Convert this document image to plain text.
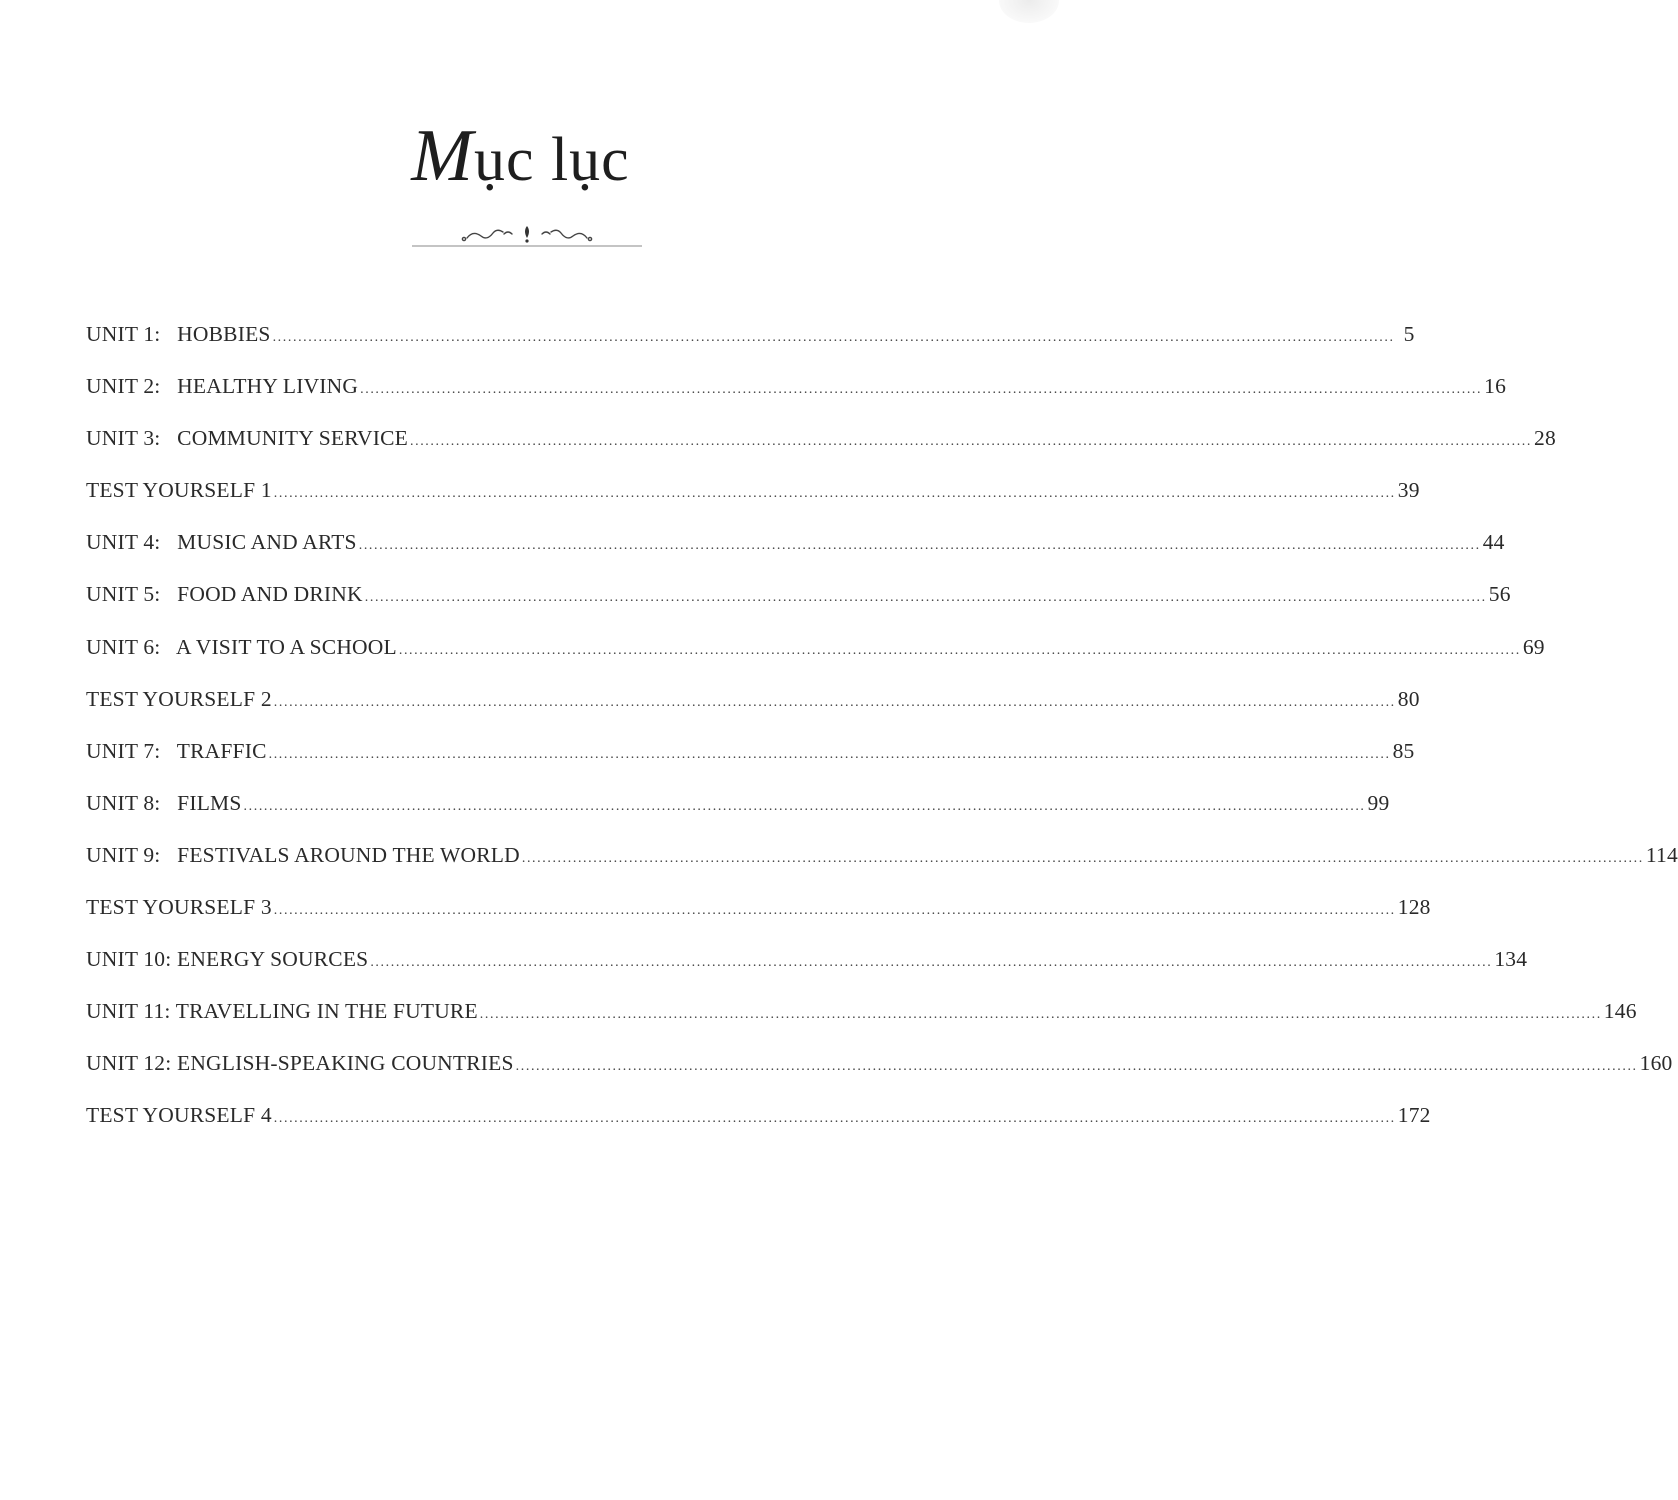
Mục lục
UNIT 1:   HOBBIES ............................................................................................................................................................................................................................ 5
UNIT 2:   HEALTHY LIVING ............................................................................................................................................................................................................................ 16
UNIT 3:   COMMUNITY SERVICE ............................................................................................................................................................................................................................ 28
TEST YOURSELF 1 ............................................................................................................................................................................................................................ 39
UNIT 4:   MUSIC AND ARTS ............................................................................................................................................................................................................................ 44
UNIT 5:   FOOD AND DRINK ............................................................................................................................................................................................................................ 56
UNIT 6:   A VISIT TO A SCHOOL ............................................................................................................................................................................................................................ 69
TEST YOURSELF 2 ............................................................................................................................................................................................................................ 80
UNIT 7:   TRAFFIC ............................................................................................................................................................................................................................ 85
UNIT 8:   FILMS ............................................................................................................................................................................................................................ 99
UNIT 9:   FESTIVALS AROUND THE WORLD ............................................................................................................................................................................................................................ 114
TEST YOURSELF 3 ............................................................................................................................................................................................................................ 128
UNIT 10: ENERGY SOURCES ............................................................................................................................................................................................................................ 134
UNIT 11: TRAVELLING IN THE FUTURE ............................................................................................................................................................................................................................ 146
UNIT 12: ENGLISH-SPEAKING COUNTRIES ............................................................................................................................................................................................................................ 160
TEST YOURSELF 4 ............................................................................................................................................................................................................................ 172
